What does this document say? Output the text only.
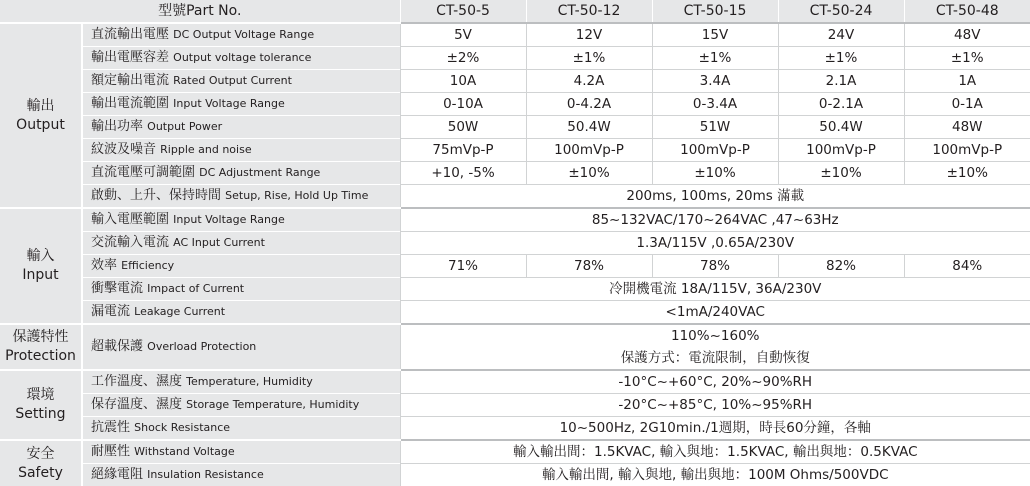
型號Part No.		CT-50-5	CT-50-12	CT-50-15	CT-50-24	CT-50-48
輸出
Output	直流輸出電壓 DC Output Voltage Range	5V	12V	15V	24V	48V
	輸出電壓容差 Output voltage tolerance	±2%	±1%	±1%	±1%	±1%
	額定輸出電流 Rated Output Current	10A	4.2A	3.4A	2.1A	1A
	輸出電流範圍 Input Voltage Range	0-10A	0-4.2A	0-3.4A	0-2.1A	0-1A
	輸出功率 Output Power	50W	50.4W	51W	50.4W	48W
	紋波及噪音 Ripple and noise	75mVp-P	100mVp-P	100mVp-P	100mVp-P	100mVp-P
	直流電壓可調範圍 DC Adjustment Range	+10, -5%	±10%	±10%	±10%	±10%
	啟動、上升、保持時間 Setup, Rise, Hold Up Time	200ms, 100ms, 20ms 滿載				
輸入
Input	輸入電壓範圍 Input Voltage Range	85~132VAC/170~264VAC ,47~63Hz				
	交流輸入電流 AC Input Current	1.3A/115V ,0.65A/230V				
	效率 Efficiency	71%	78%	78%	82%	84%
	衝擊電流 Impact of Current	冷開機電流 18A/115V, 36A/230V				
	漏電流 Leakage Current	<1mA/240VAC				
保護特性
Protection	超載保護 Overload Protection	110%~160%				
		保護方式：電流限制，自動恢復				
環境
Setting	工作溫度、濕度 Temperature, Humidity	-10°C~+60°C, 20%~90%RH				
	保存溫度、濕度 Storage Temperature, Humidity	-20°C~+85°C, 10%~95%RH				
	抗震性 Shock Resistance	10~500Hz, 2G10min./1週期，時長60分鐘，各軸				
安全
Safety	耐壓性 Withstand Voltage	輸入輸出間：1.5KVAC, 輸入與地：1.5KVAC, 輸出與地：0.5KVAC				
	絕緣電阻 Insulation Resistance	輸入輸出間, 輸入與地, 輸出與地：100M Ohms/500VDC				
